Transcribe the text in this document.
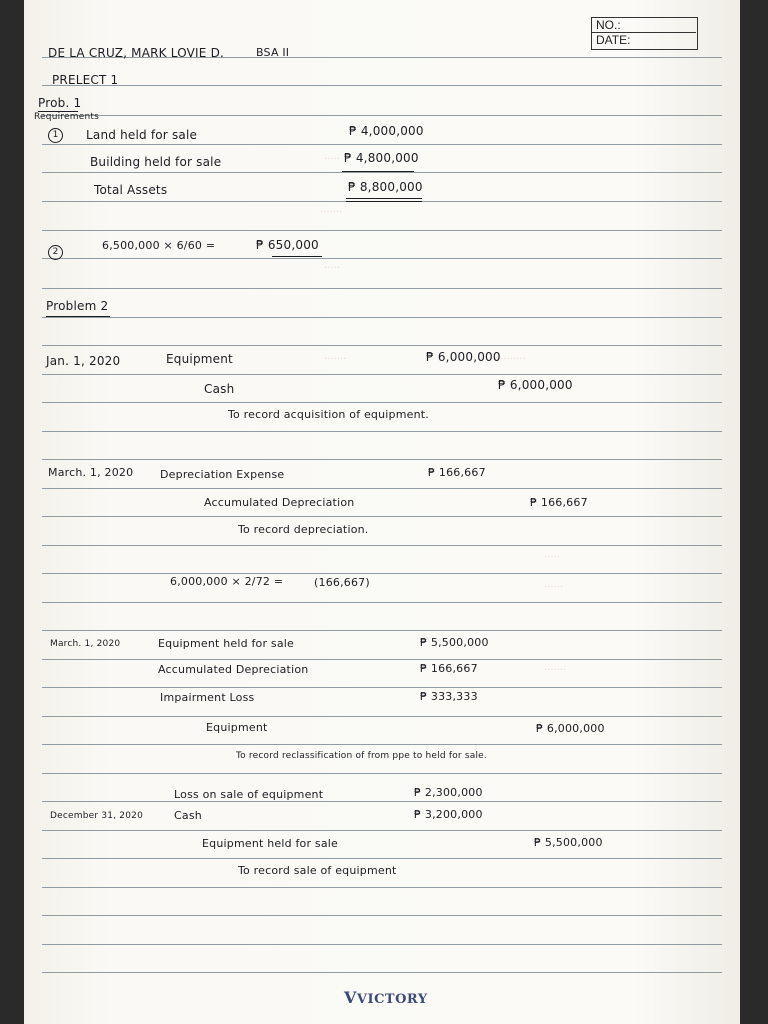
·····
·······
·····
·······	··········
·····
······
·······
NO.:
DATE:
DE LA CRUZ, MARK LOVIE D.	BSA II
PRELECT 1
Prob. 1
Requirements
1	Land held for sale	₱ 4,000,000
Building held for sale	₱ 4,800,000
Total Assets	₱ 8,800,000
2	6,500,000 × 6/60 =	₱ 650,000
Problem 2
Jan. 1, 2020	Equipment	₱ 6,000,000
Cash	₱ 6,000,000
To record acquisition of equipment.
March. 1, 2020 Depreciation Expense	₱ 166,667
Accumulated Depreciation	₱ 166,667
To record depreciation.
6,000,000 × 2/72 =	(166,667)
March. 1, 2020	Equipment held for sale	₱ 5,500,000
Accumulated Depreciation	₱ 166,667
Impairment Loss	₱ 333,333
Equipment	₱ 6,000,000
To record reclassification of from ppe to held for sale.
Loss on sale of equipment	₱ 2,300,000
December 31, 2020	Cash	₱ 3,200,000
Equipment held for sale	₱ 5,500,000
To record sale of equipment
VVICTORY
